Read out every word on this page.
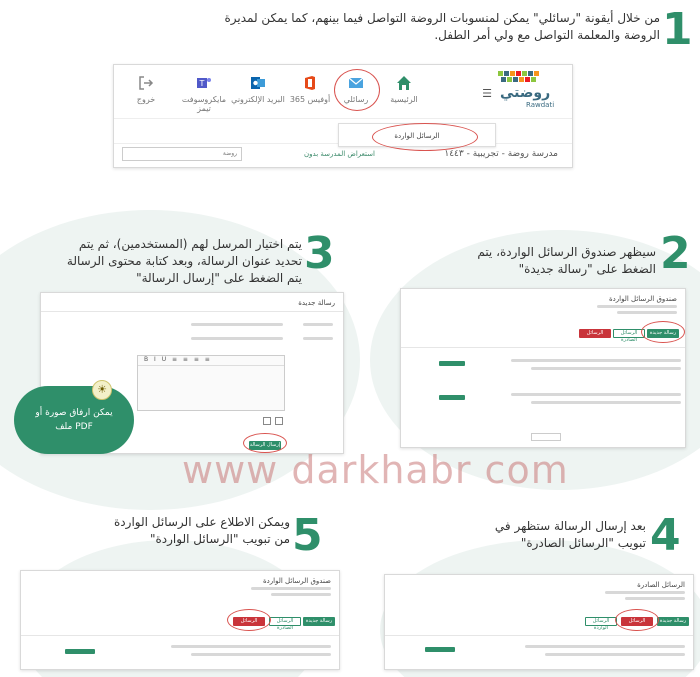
1
من خلال أيقونة "رسائلي" يمكن لمنسوبات الروضة التواصل فيما بينهم، كما يمكن لمديرة
الروضة والمعلمة التواصل مع ولي أمر الطفل.
روضتي
Rawdati
☰
الرئيسية
رسائلي
أوفيس 365
البريد الإلكتروني
T
مايكروسوفت تيمز
خروج
مدرسة روضة - تجريبية - ١٤٤٣
استعراض المدرسة بدون
روضة
الرسائل الواردة
3
يتم اختيار المرسل لهم (المستخدمين)، ثم يتم
تحديد عنوان الرسالة، وبعد كتابة محتوى الرسالة
يتم الضغط على "إرسال الرسالة"
رسالة جديدة
B I U ≡ ≡ ≡ ≡
إرسال الرسالة
يمكن ارفاق صورة أو
ملف PDF
☀
2
سيظهر صندوق الرسائل الواردة، يتم
الضغط على "رسالة جديدة"
صندوق الرسائل الواردة
رسالة جديدة
الرسائل الصادرة
الرسائل الواردة
www darkhabr com
5
ويمكن الاطلاع على الرسائل الواردة
من تبويب "الرسائل الواردة"
صندوق الرسائل الواردة
رسالة جديدة
الرسائل الصادرة
الرسائل الواردة
4
بعد إرسال الرسالة ستظهر في
تبويب "الرسائل الصادرة"
الرسائل الصادرة
رسالة جديدة
الرسائل الصادرة
الرسائل الواردة
